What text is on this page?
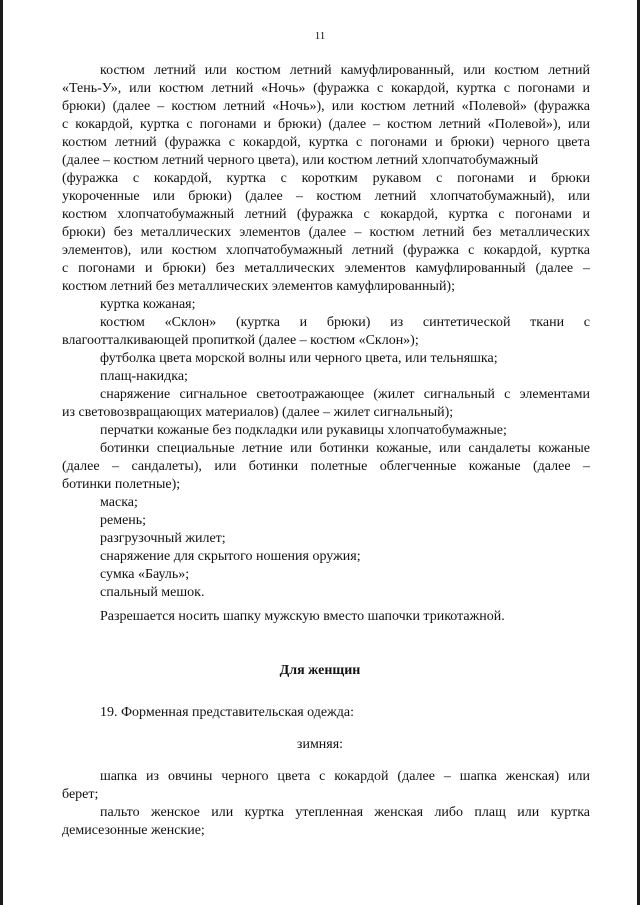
11
костюм летний или костюм летний камуфлированный, или костюм летний
«Тень-У», или костюм летний «Ночь» (фуражка с кокардой, куртка с погонами и
брюки) (далее – костюм летний «Ночь»), или костюм летний «Полевой» (фуражка
с кокардой, куртка с погонами и брюки) (далее – костюм летний «Полевой»), или
костюм летний (фуражка с кокардой, куртка с погонами и брюки) черного цвета
(далее – костюм летний черного цвета), или костюм летний хлопчатобумажный
(фуражка с кокардой, куртка с коротким рукавом с погонами и брюки
укороченные или брюки) (далее – костюм летний хлопчатобумажный), или
костюм хлопчатобумажный летний (фуражка с кокардой, куртка с погонами и
брюки) без металлических элементов (далее – костюм летний без металлических
элементов), или костюм хлопчатобумажный летний (фуражка с кокардой, куртка
с погонами и брюки) без металлических элементов камуфлированный (далее –
костюм летний без металлических элементов камуфлированный);
куртка кожаная;
костюм «Склон» (куртка и брюки) из синтетической ткани с
влагоотталкивающей пропиткой (далее – костюм «Склон»);
футболка цвета морской волны или черного цвета, или тельняшка;
плащ-накидка;
снаряжение сигнальное светоотражающее (жилет сигнальный с элементами
из световозвращающих материалов) (далее – жилет сигнальный);
перчатки кожаные без подкладки или рукавицы хлопчатобумажные;
ботинки специальные летние или ботинки кожаные, или сандалеты кожаные
(далее – сандалеты), или ботинки полетные облегченные кожаные (далее –
ботинки полетные);
маска;
ремень;
разгрузочный жилет;
снаряжение для скрытого ношения оружия;
сумка «Бауль»;
спальный мешок.
Разрешается носить шапку мужскую вместо шапочки трикотажной.
Для женщин
19. Форменная представительская одежда:
зимняя:
шапка из овчины черного цвета с кокардой (далее – шапка женская) или
берет;
пальто женское или куртка утепленная женская либо плащ или куртка
демисезонные женские;
